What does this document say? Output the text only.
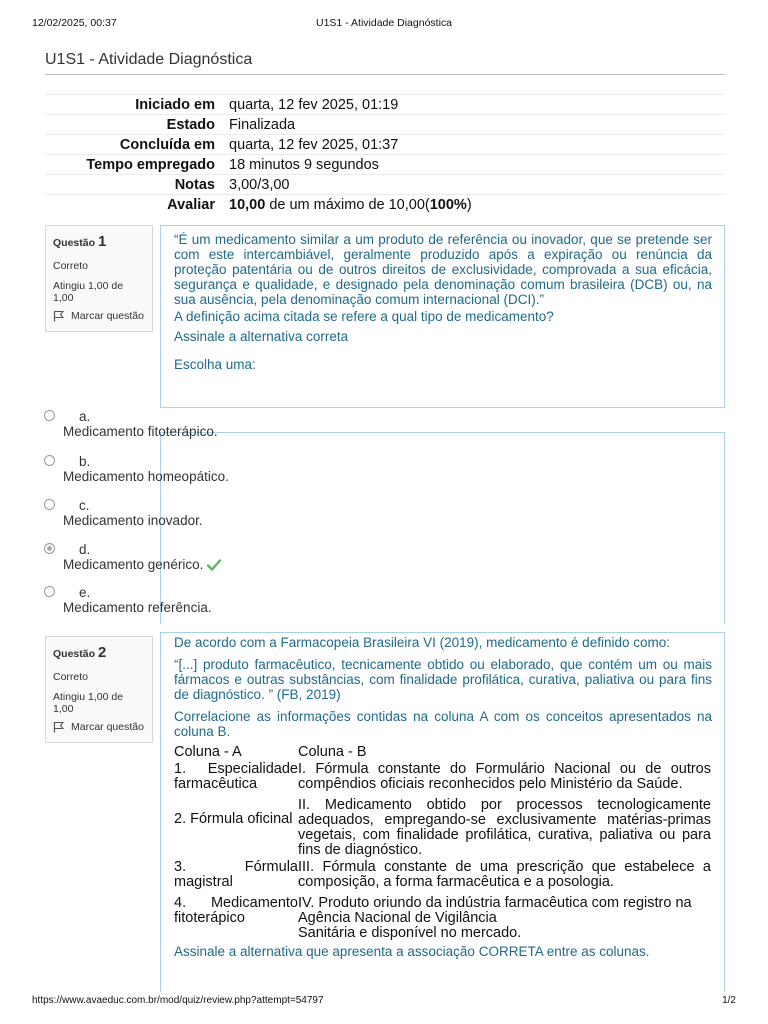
12/02/2025, 00:37	U1S1 - Atividade Diagnóstica
U1S1 - Atividade Diagnóstica
Iniciado em	quarta, 12 fev 2025, 01:19
Estado	Finalizada
Concluída em	quarta, 12 fev 2025, 01:37
Tempo empregado	18 minutos 9 segundos
Notas	3,00/3,00
Avaliar	10,00 de um máximo de 10,00(100%)
Questão 1
Correto
Atingiu 1,00 de 1,00
Marcar questão

“É um medicamento similar a um produto de referência ou inovador, que se pretende ser com este intercambiável, geralmente produzido após a expiração ou renúncia da proteção patentária ou de outros direitos de exclusividade, comprovada a sua eficácia, segurança e qualidade, e designado pela denominação comum brasileira (DCB) ou, na sua ausência, pela denominação comum internacional (DCI).”

A definição acima citada se refere a qual tipo de medicamento?

Assinale a alternativa correta

Escolha uma:

a.
Medicamento fitoterápico.
b.
Medicamento homeopático.
c.
Medicamento inovador.
d.
Medicamento genérico.
e.
Medicamento referência.
Questão 2
Correto
Atingiu 1,00 de 1,00
Marcar questão

De acordo com a Farmacopeia Brasileira VI (2019), medicamento é definido como:

“[...] produto farmacêutico, tecnicamente obtido ou elaborado, que contém um ou mais fármacos e outras substâncias, com finalidade profilática, curativa, paliativa ou para fins de diagnóstico. ” (FB, 2019)

Correlacione as informações contidas na coluna A com os conceitos apresentados na coluna B.

Coluna - A	Coluna - B
1. Especialidade farmacêutica	I. Fórmula constante do Formulário Nacional ou de outros compêndios oficiais reconhecidos pelo Ministério da Saúde.
2. Fórmula oficinal	II. Medicamento obtido por processos tecnologicamente adequados, empregando-se exclusivamente matérias-primas vegetais, com finalidade profilática, curativa, paliativa ou para fins de diagnóstico.
3. Fórmula magistral	III. Fórmula constante de uma prescrição que estabelece a composição, a forma farmacêutica e a posologia.
4. Medicamento fitoterápico	IV. Produto oriundo da indústria farmacêutica com registro na Agência Nacional de Vigilância
Sanitária e disponível no mercado.

Assinale a alternativa que apresenta a associação CORRETA entre as colunas.

https://www.avaeduc.com.br/mod/quiz/review.php?attempt=54797	1/2
